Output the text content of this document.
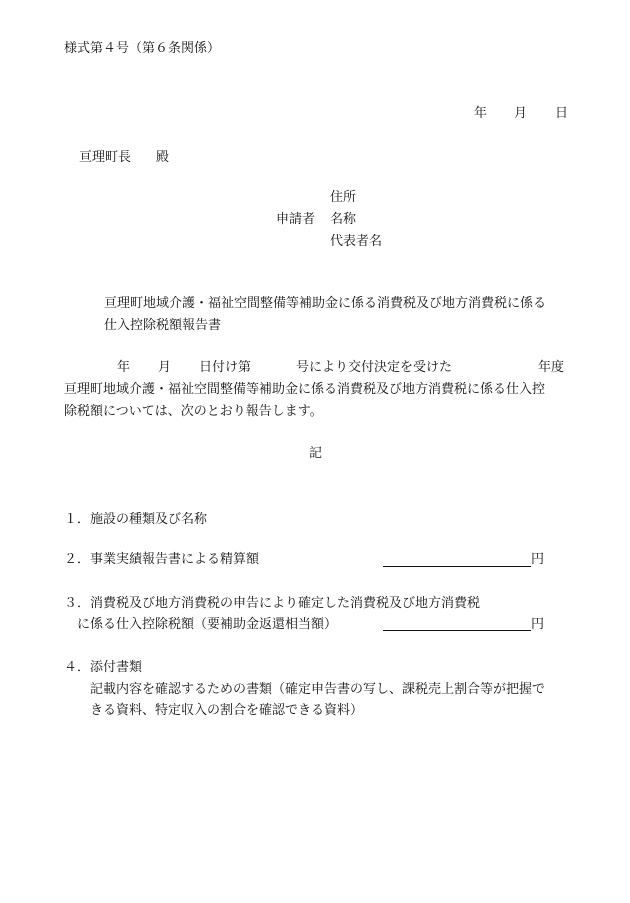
様式第４号（第６条関係）
年 月 日
亘理町長 殿
住所
申請者 名称
代表者名
亘理町地域介護・福祉空間整備等補助金に係る消費税及び地方消費税に係る
仕入控除税額報告書
年 月 日付け第	号により交付決定を受けた	年度
亘理町地域介護・福祉空間整備等補助金に係る消費税及び地方消費税に係る仕入控
除税額については、次のとおり報告します。
記
１．施設の種類及び名称
２．事業実績報告書による精算額	円
３．消費税及び地方消費税の申告により確定した消費税及び地方消費税
に係る仕入控除税額（要補助金返還相当額）	円
４．添付書類
記載内容を確認するための書類（確定申告書の写し、課税売上割合等が把握で
きる資料、特定収入の割合を確認できる資料）
